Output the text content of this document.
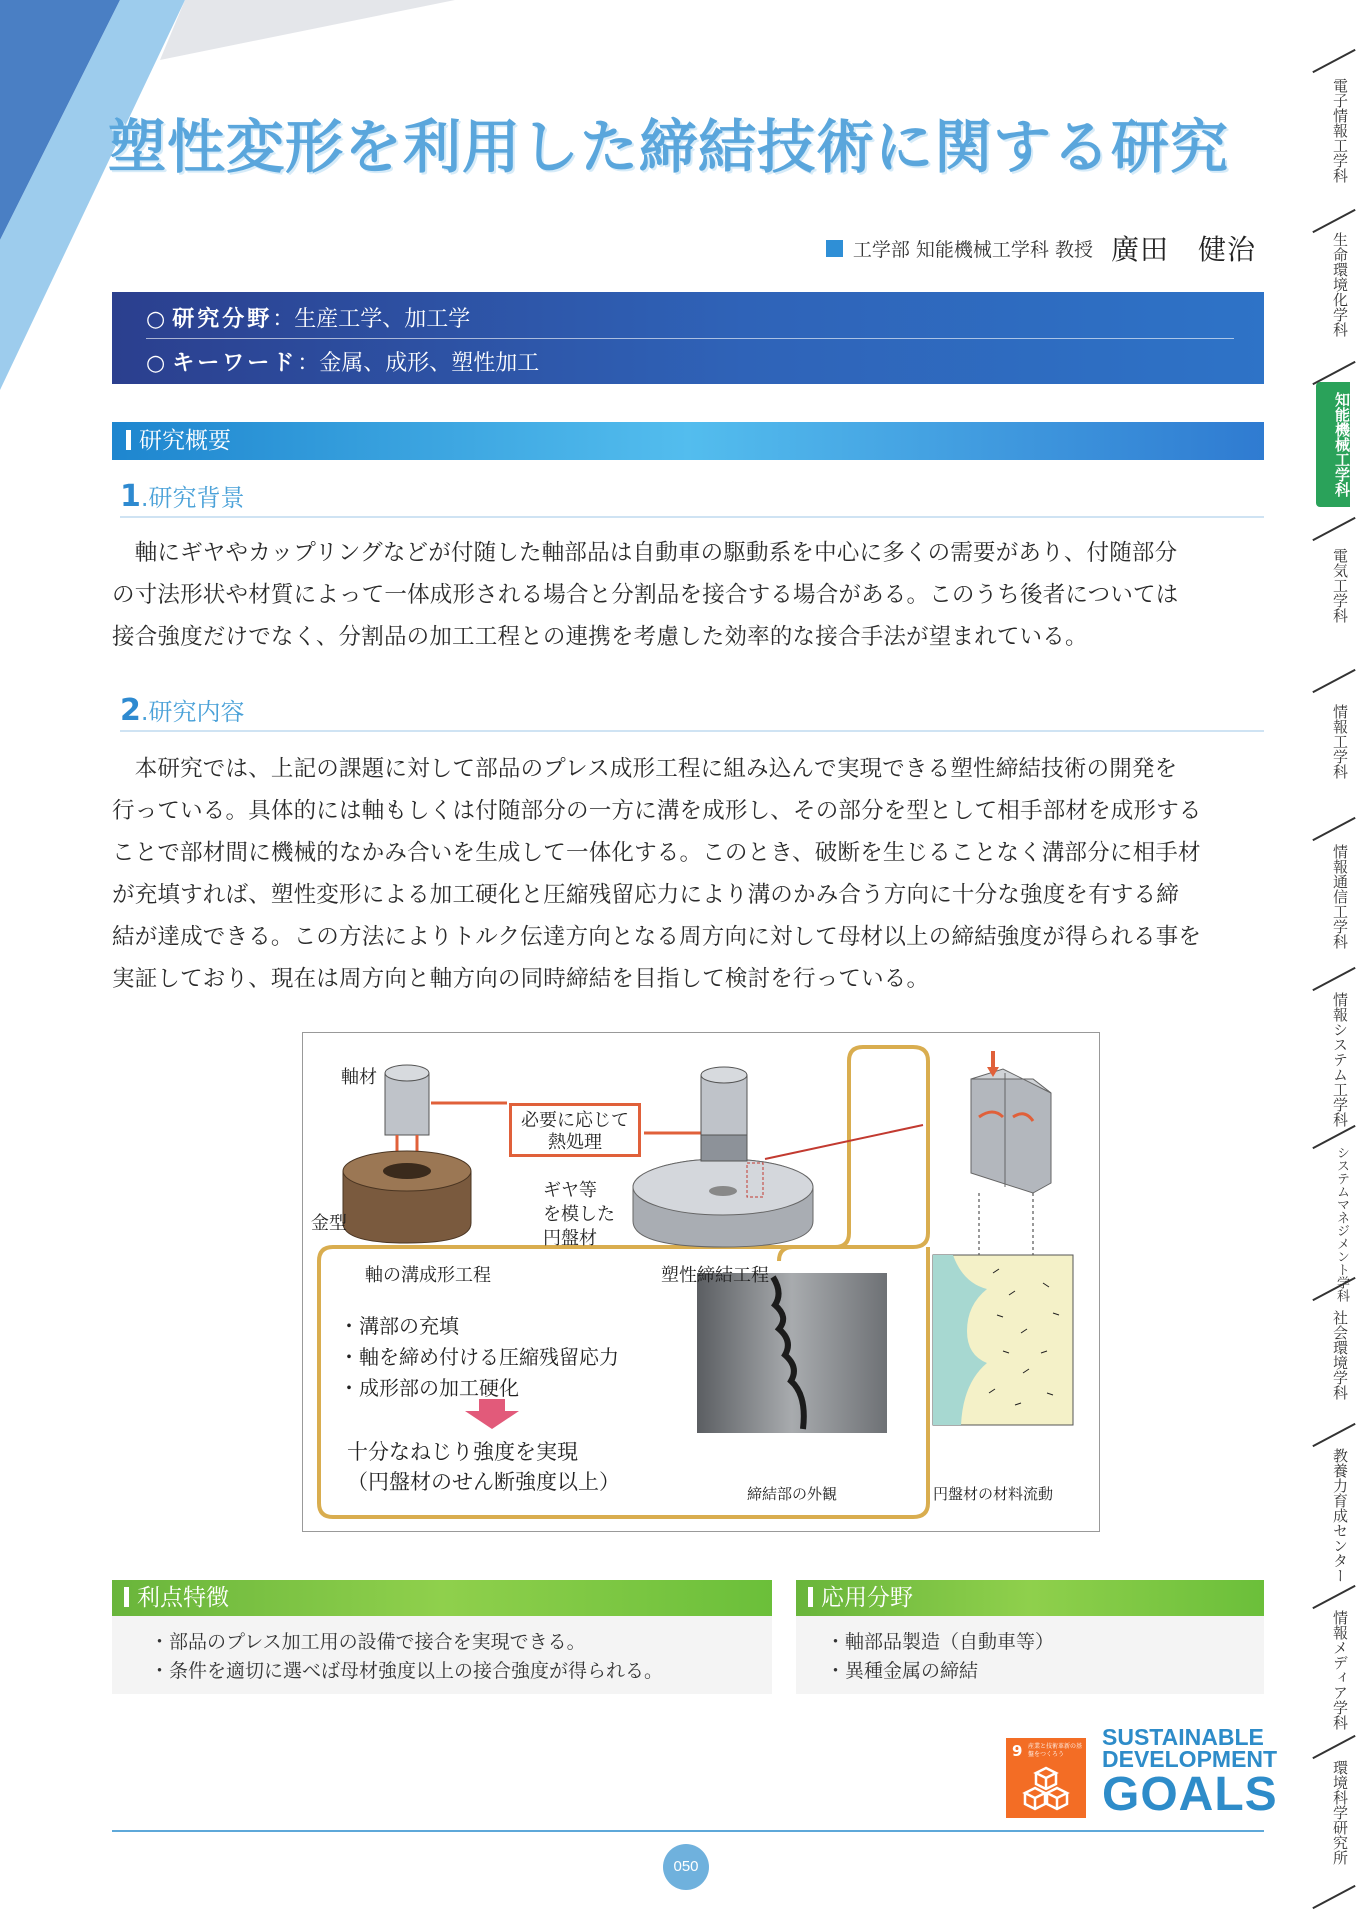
塑性変形を利用した締結技術に関する研究
工学部 知能機械工学科 教授 廣田　健治
○ 研究分野：生産工学、加工学
○ キーワード：金属、成形、塑性加工
研究概要
1.研究背景
　軸にギヤやカップリングなどが付随した軸部品は自動車の駆動系を中心に多くの需要があり、付随部分
の寸法形状や材質によって一体成形される場合と分割品を接合する場合がある。このうち後者については
接合強度だけでなく、分割品の加工工程との連携を考慮した効率的な接合手法が望まれている。
2.研究内容
　本研究では、上記の課題に対して部品のプレス成形工程に組み込んで実現できる塑性締結技術の開発を
行っている。具体的には軸もしくは付随部分の一方に溝を成形し、その部分を型として相手部材を成形する
ことで部材間に機械的なかみ合いを生成して一体化する。このとき、破断を生じることなく溝部分に相手材
が充填すれば、塑性変形による加工硬化と圧縮残留応力により溝のかみ合う方向に十分な強度を有する締
結が達成できる。この方法によりトルク伝達方向となる周方向に対して母材以上の締結強度が得られる事を
実証しており、現在は周方向と軸方向の同時締結を目指して検討を行っている。
軸材
金型
必要に応じて
熱処理
ギヤ等
を模した
円盤材
軸の溝成形工程	塑性締結工程
・溝部の充填
・軸を締め付ける圧縮残留応力
・成形部の加工硬化
十分なねじり強度を実現
（円盤材のせん断強度以上）	締結部の外観	円盤材の材料流動
利点特徴
・部品のプレス加工用の設備で接合を実現できる。
・条件を適切に選べば母材強度以上の接合強度が得られる。
応用分野
・軸部品製造（自動車等）
・異種金属の締結
9 産業と技術革新の基盤をつくろう
SUSTAINABLE
DEVELOPMENT
GOALS
050
電子情報工学科
生命環境化学科
知能機械工学科
電気工学科
情報工学科
情報通信工学科
情報システム工学科
システムマネジメント学科
社会環境学科
教養力育成センター
情報メディア学科
環境科学研究所
